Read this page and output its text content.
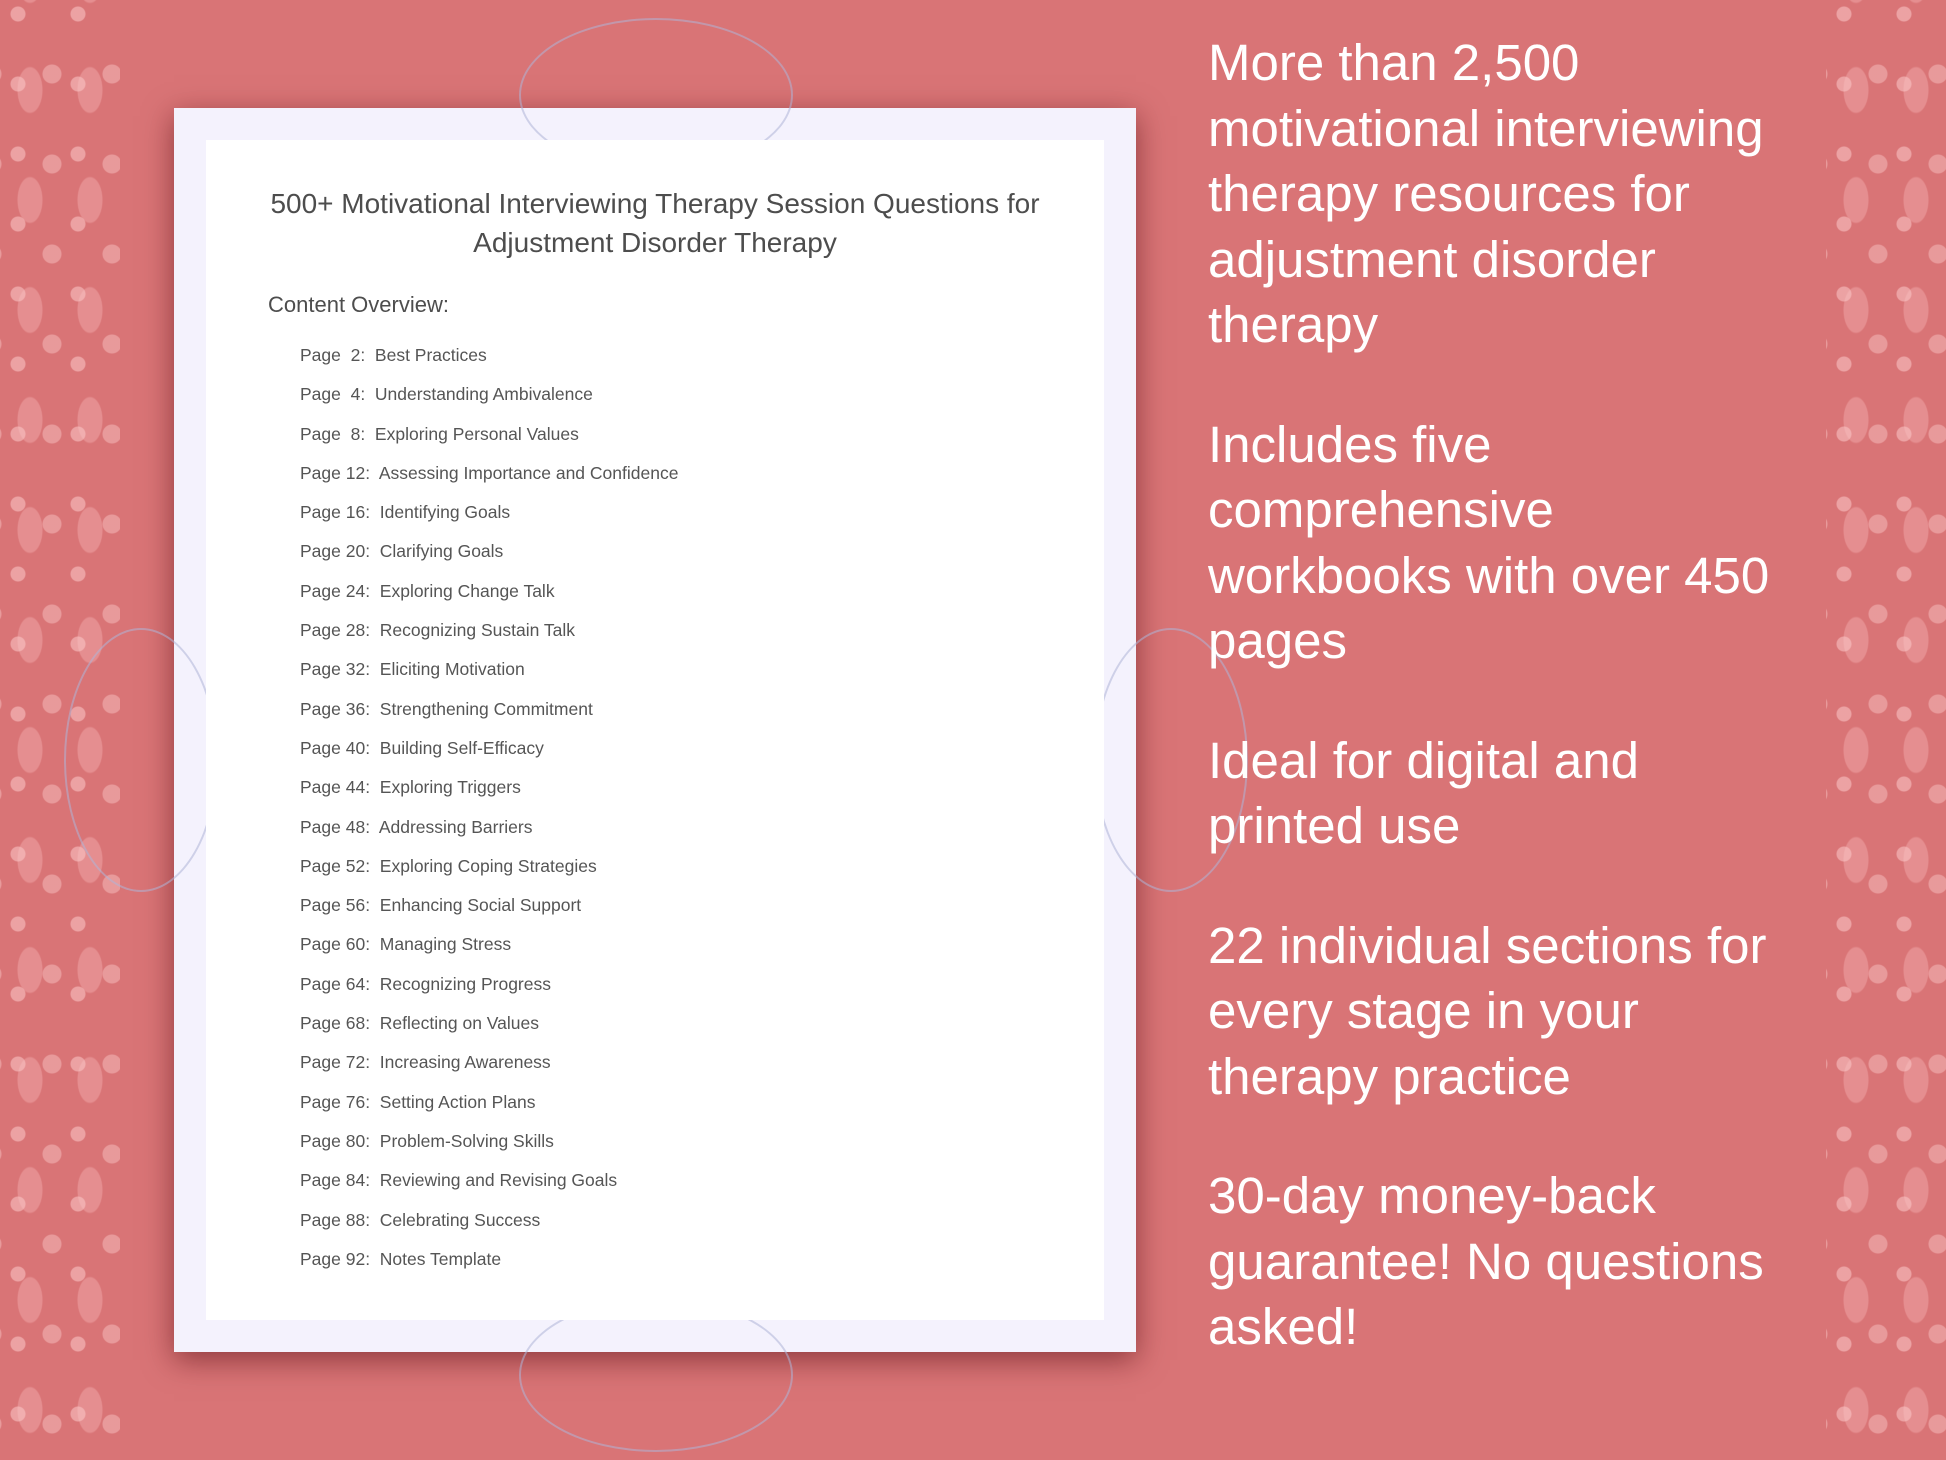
500+ Motivational Interviewing Therapy Session Questions for
Adjustment Disorder Therapy
Content Overview:
Page  2:  Best Practices
Page  4:  Understanding Ambivalence
Page  8:  Exploring Personal Values
Page 12:  Assessing Importance and Confidence
Page 16:  Identifying Goals
Page 20:  Clarifying Goals
Page 24:  Exploring Change Talk
Page 28:  Recognizing Sustain Talk
Page 32:  Eliciting Motivation
Page 36:  Strengthening Commitment
Page 40:  Building Self-Efficacy
Page 44:  Exploring Triggers
Page 48:  Addressing Barriers
Page 52:  Exploring Coping Strategies
Page 56:  Enhancing Social Support
Page 60:  Managing Stress
Page 64:  Recognizing Progress
Page 68:  Reflecting on Values
Page 72:  Increasing Awareness
Page 76:  Setting Action Plans
Page 80:  Problem-Solving Skills
Page 84:  Reviewing and Revising Goals
Page 88:  Celebrating Success
Page 92:  Notes Template

More than 2,500 motivational interviewing therapy resources for adjustment disorder therapy

Includes five comprehensive workbooks with over 450 pages

Ideal for digital and printed use

22 individual sections for every stage in your therapy practice

30-day money-back guarantee! No questions asked!
